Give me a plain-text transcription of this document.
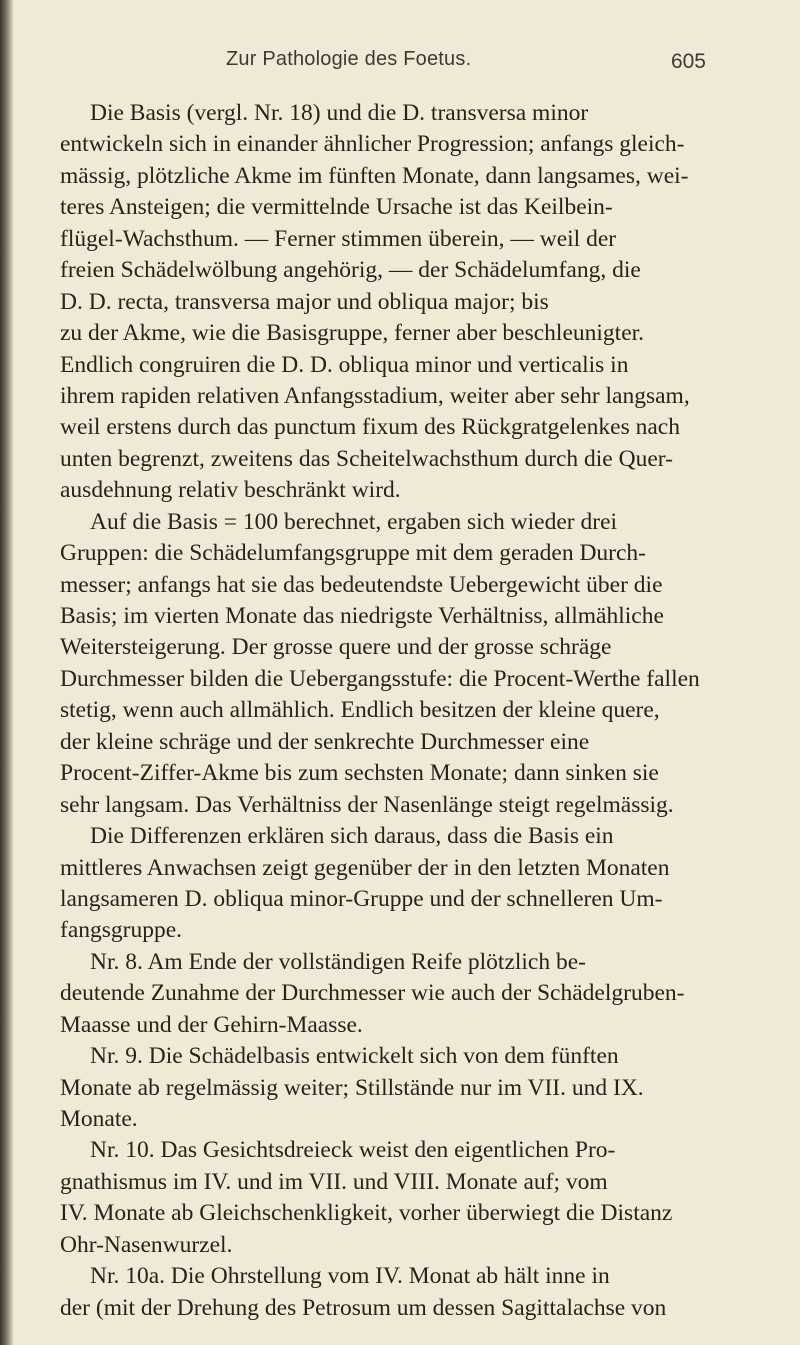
Zur Pathologie des Foetus.	605
Die Basis (vergl. Nr. 18) und die D. transversa minor
entwickeln sich in einander ähnlicher Progression; anfangs gleich-
mässig, plötzliche Akme im fünften Monate, dann langsames, wei-
teres Ansteigen; die vermittelnde Ursache ist das Keilbein-
flügel-Wachsthum. — Ferner stimmen überein, — weil der
freien Schädelwölbung angehörig, — der Schädelumfang, die
D. D. recta, transversa major und obliqua major; bis
zu der Akme, wie die Basisgruppe, ferner aber beschleunigter.
Endlich congruiren die D. D. obliqua minor und verticalis in
ihrem rapiden relativen Anfangsstadium, weiter aber sehr langsam,
weil erstens durch das punctum fixum des Rückgratgelenkes nach
unten begrenzt, zweitens das Scheitelwachsthum durch die Quer-
ausdehnung relativ beschränkt wird.
Auf die Basis = 100 berechnet, ergaben sich wieder drei
Gruppen: die Schädelumfangsgruppe mit dem geraden Durch-
messer; anfangs hat sie das bedeutendste Uebergewicht über die
Basis; im vierten Monate das niedrigste Verhältniss, allmähliche
Weitersteigerung. Der grosse quere und der grosse schräge
Durchmesser bilden die Uebergangsstufe: die Procent-Werthe fallen
stetig, wenn auch allmählich. Endlich besitzen der kleine quere,
der kleine schräge und der senkrechte Durchmesser eine
Procent-Ziffer-Akme bis zum sechsten Monate; dann sinken sie
sehr langsam. Das Verhältniss der Nasenlänge steigt regelmässig.
Die Differenzen erklären sich daraus, dass die Basis ein
mittleres Anwachsen zeigt gegenüber der in den letzten Monaten
langsameren D. obliqua minor-Gruppe und der schnelleren Um-
fangsgruppe.
Nr. 8. Am Ende der vollständigen Reife plötzlich be-
deutende Zunahme der Durchmesser wie auch der Schädelgruben-
Maasse und der Gehirn-Maasse.
Nr. 9. Die Schädelbasis entwickelt sich von dem fünften
Monate ab regelmässig weiter; Stillstände nur im VII. und IX.
Monate.
Nr. 10. Das Gesichtsdreieck weist den eigentlichen Pro-
gnathismus im IV. und im VII. und VIII. Monate auf; vom
IV. Monate ab Gleichschenkligkeit, vorher überwiegt die Distanz
Ohr-Nasenwurzel.
Nr. 10a. Die Ohrstellung vom IV. Monat ab hält inne in
der (mit der Drehung des Petrosum um dessen Sagittalachse von
